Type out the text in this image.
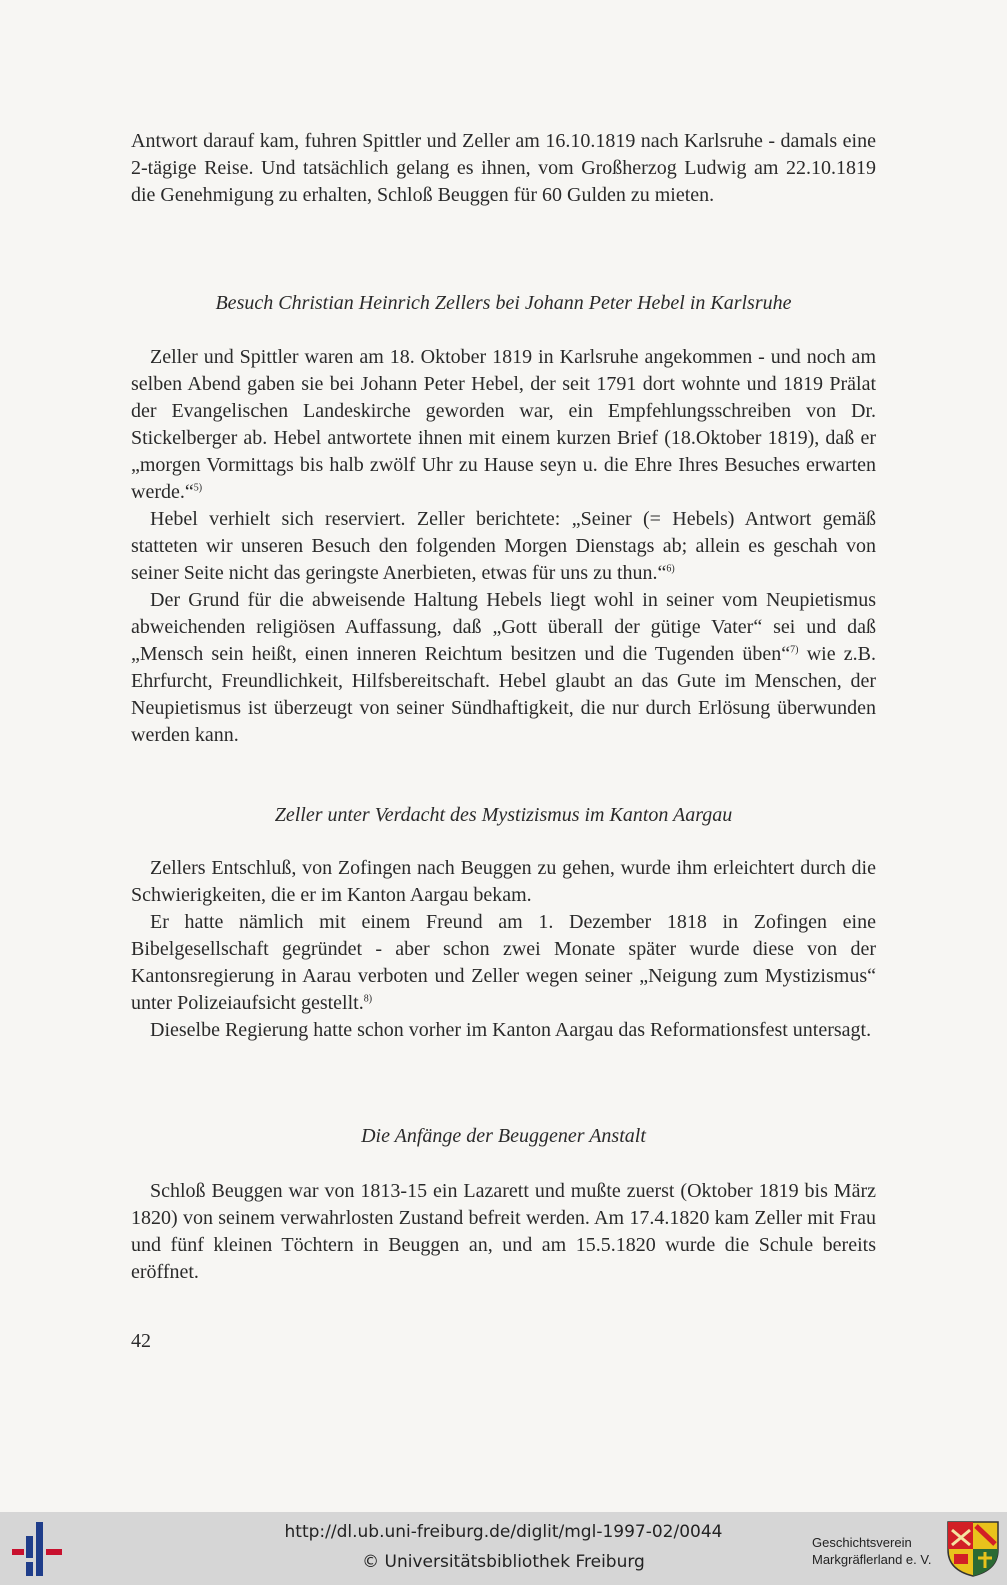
Antwort darauf kam, fuhren Spittler und Zeller am 16.10.1819 nach Karlsruhe - damals eine 2-tägige Reise. Und tatsächlich gelang es ihnen, vom Großherzog Ludwig am 22.10.1819 die Genehmigung zu erhalten, Schloß Beuggen für 60 Gulden zu mieten.

Besuch Christian Heinrich Zellers bei Johann Peter Hebel in Karlsruhe

Zeller und Spittler waren am 18. Oktober 1819 in Karlsruhe angekommen - und noch am selben Abend gaben sie bei Johann Peter Hebel, der seit 1791 dort wohnte und 1819 Prälat der Evangelischen Landeskirche geworden war, ein Empfehlungsschreiben von Dr. Stickelberger ab. Hebel antwortete ihnen mit einem kurzen Brief (18.Oktober 1819), daß er „morgen Vormittags bis halb zwölf Uhr zu Hause seyn u. die Ehre Ihres Besuches erwarten werde.“$^{5)}$

Hebel verhielt sich reserviert. Zeller berichtete: „Seiner (= Hebels) Antwort gemäß statteten wir unseren Besuch den folgenden Morgen Dienstags ab; allein es geschah von seiner Seite nicht das geringste Anerbieten, etwas für uns zu thun.“$^{6)}$

Der Grund für die abweisende Haltung Hebels liegt wohl in seiner vom Neupietismus abweichenden religiösen Auffassung, daß „Gott überall der gütige Vater“ sei und daß „Mensch sein heißt, einen inneren Reichtum besitzen und die Tugenden üben“$^{7)}$ wie z.B. Ehrfurcht, Freundlichkeit, Hilfsbereitschaft. Hebel glaubt an das Gute im Menschen, der Neupietismus ist überzeugt von seiner Sündhaftigkeit, die nur durch Erlösung überwunden werden kann.

Zeller unter Verdacht des Mystizismus im Kanton Aargau

Zellers Entschluß, von Zofingen nach Beuggen zu gehen, wurde ihm erleichtert durch die Schwierigkeiten, die er im Kanton Aargau bekam.

Er hatte nämlich mit einem Freund am 1. Dezember 1818 in Zofingen eine Bibelgesellschaft gegründet - aber schon zwei Monate später wurde diese von der Kantonsregierung in Aarau verboten und Zeller wegen seiner „Neigung zum Mystizismus“ unter Polizeiaufsicht gestellt.$^{8)}$

Dieselbe Regierung hatte schon vorher im Kanton Aargau das Reformationsfest untersagt.

Die Anfänge der Beuggener Anstalt

Schloß Beuggen war von 1813-15 ein Lazarett und mußte zuerst (Oktober 1819 bis März 1820) von seinem verwahrlosten Zustand befreit werden. Am 17.4.1820 kam Zeller mit Frau und fünf kleinen Töchtern in Beuggen an, und am 15.5.1820 wurde die Schule bereits eröffnet.

42
http://dl.ub.uni-freiburg.de/diglit/mgl-1997-02/0044
© Universitätsbibliothek Freiburg
Geschichtsverein
Markgräflerland e. V.
